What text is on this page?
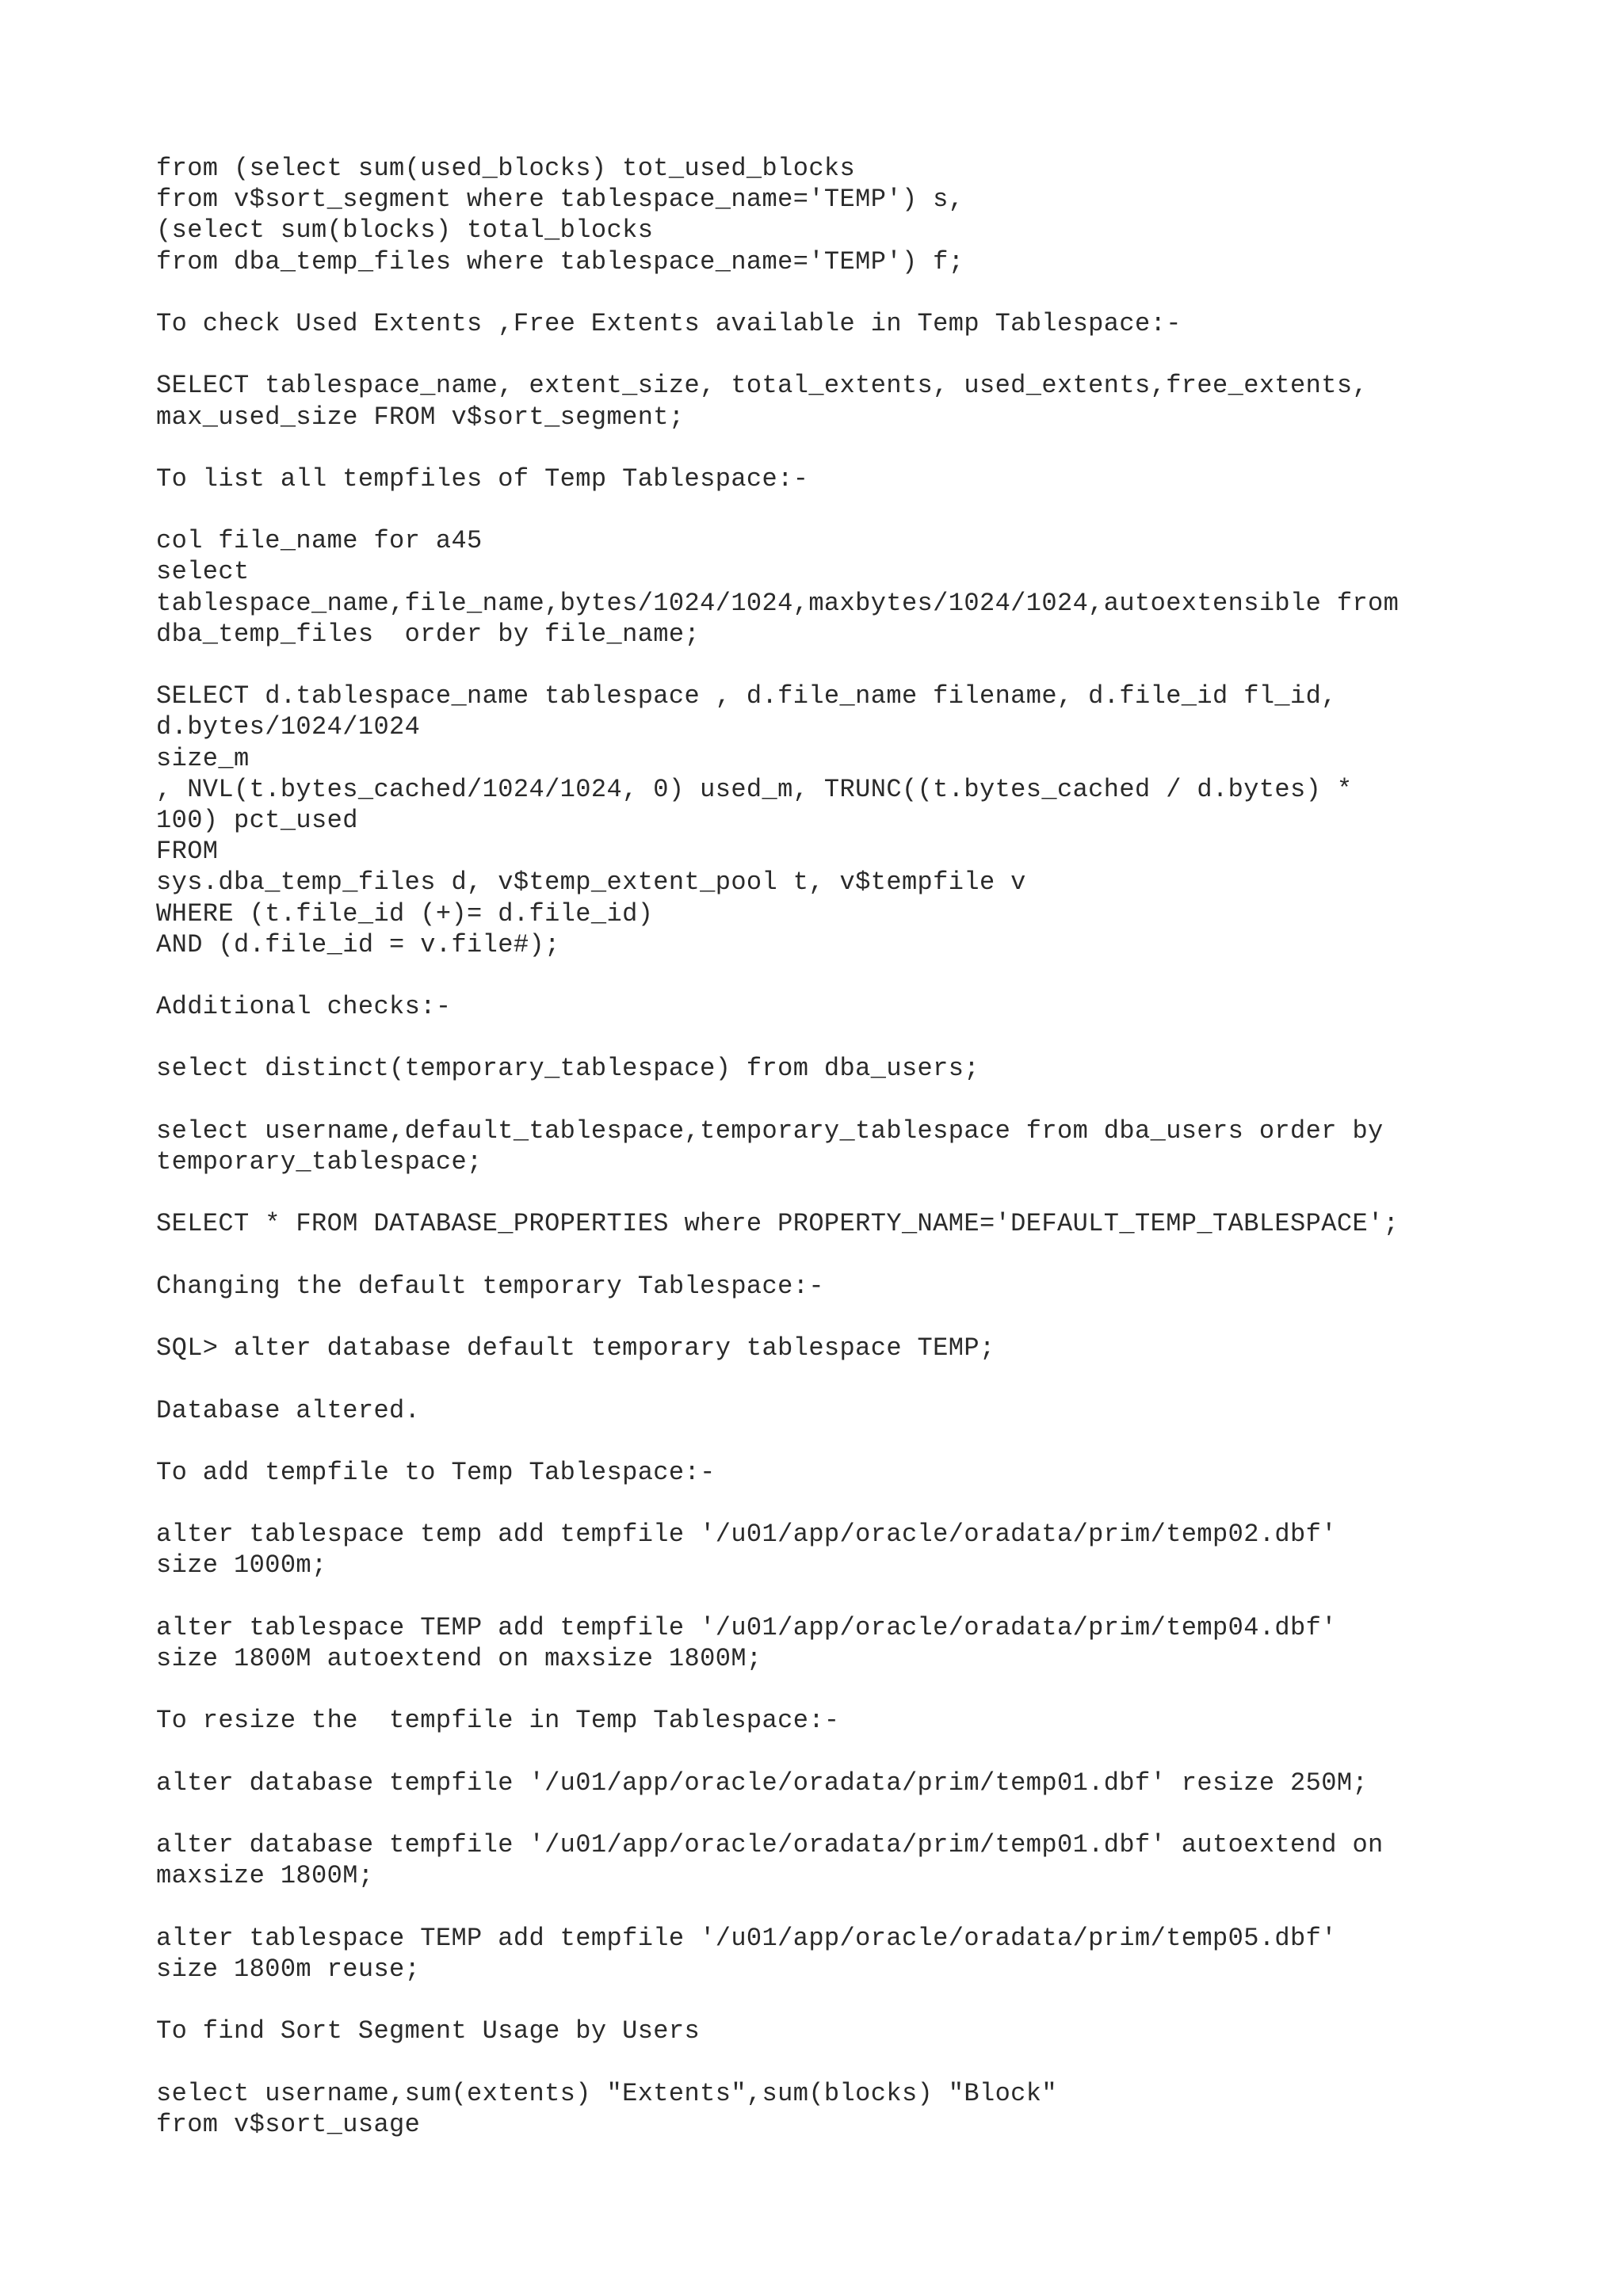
from (select sum(used_blocks) tot_used_blocks
from v$sort_segment where tablespace_name='TEMP') s,
(select sum(blocks) total_blocks
from dba_temp_files where tablespace_name='TEMP') f;
To check Used Extents ,Free Extents available in Temp Tablespace:-
SELECT tablespace_name, extent_size, total_extents, used_extents,free_extents,
max_used_size FROM v$sort_segment;
To list all tempfiles of Temp Tablespace:-
col file_name for a45
select
tablespace_name,file_name,bytes/1024/1024,maxbytes/1024/1024,autoextensible from
dba_temp_files  order by file_name;
SELECT d.tablespace_name tablespace , d.file_name filename, d.file_id fl_id,
d.bytes/1024/1024
size_m
, NVL(t.bytes_cached/1024/1024, 0) used_m, TRUNC((t.bytes_cached / d.bytes) *
100) pct_used
FROM
sys.dba_temp_files d, v$temp_extent_pool t, v$tempfile v
WHERE (t.file_id (+)= d.file_id)
AND (d.file_id = v.file#);
Additional checks:-
select distinct(temporary_tablespace) from dba_users;
select username,default_tablespace,temporary_tablespace from dba_users order by
temporary_tablespace;
SELECT * FROM DATABASE_PROPERTIES where PROPERTY_NAME='DEFAULT_TEMP_TABLESPACE';
Changing the default temporary Tablespace:-
SQL> alter database default temporary tablespace TEMP;
Database altered.
To add tempfile to Temp Tablespace:-
alter tablespace temp add tempfile '/u01/app/oracle/oradata/prim/temp02.dbf'
size 1000m;
alter tablespace TEMP add tempfile '/u01/app/oracle/oradata/prim/temp04.dbf'
size 1800M autoextend on maxsize 1800M;
To resize the  tempfile in Temp Tablespace:-
alter database tempfile '/u01/app/oracle/oradata/prim/temp01.dbf' resize 250M;
alter database tempfile '/u01/app/oracle/oradata/prim/temp01.dbf' autoextend on
maxsize 1800M;
alter tablespace TEMP add tempfile '/u01/app/oracle/oradata/prim/temp05.dbf'
size 1800m reuse;
To find Sort Segment Usage by Users
select username,sum(extents) "Extents",sum(blocks) "Block"
from v$sort_usage
